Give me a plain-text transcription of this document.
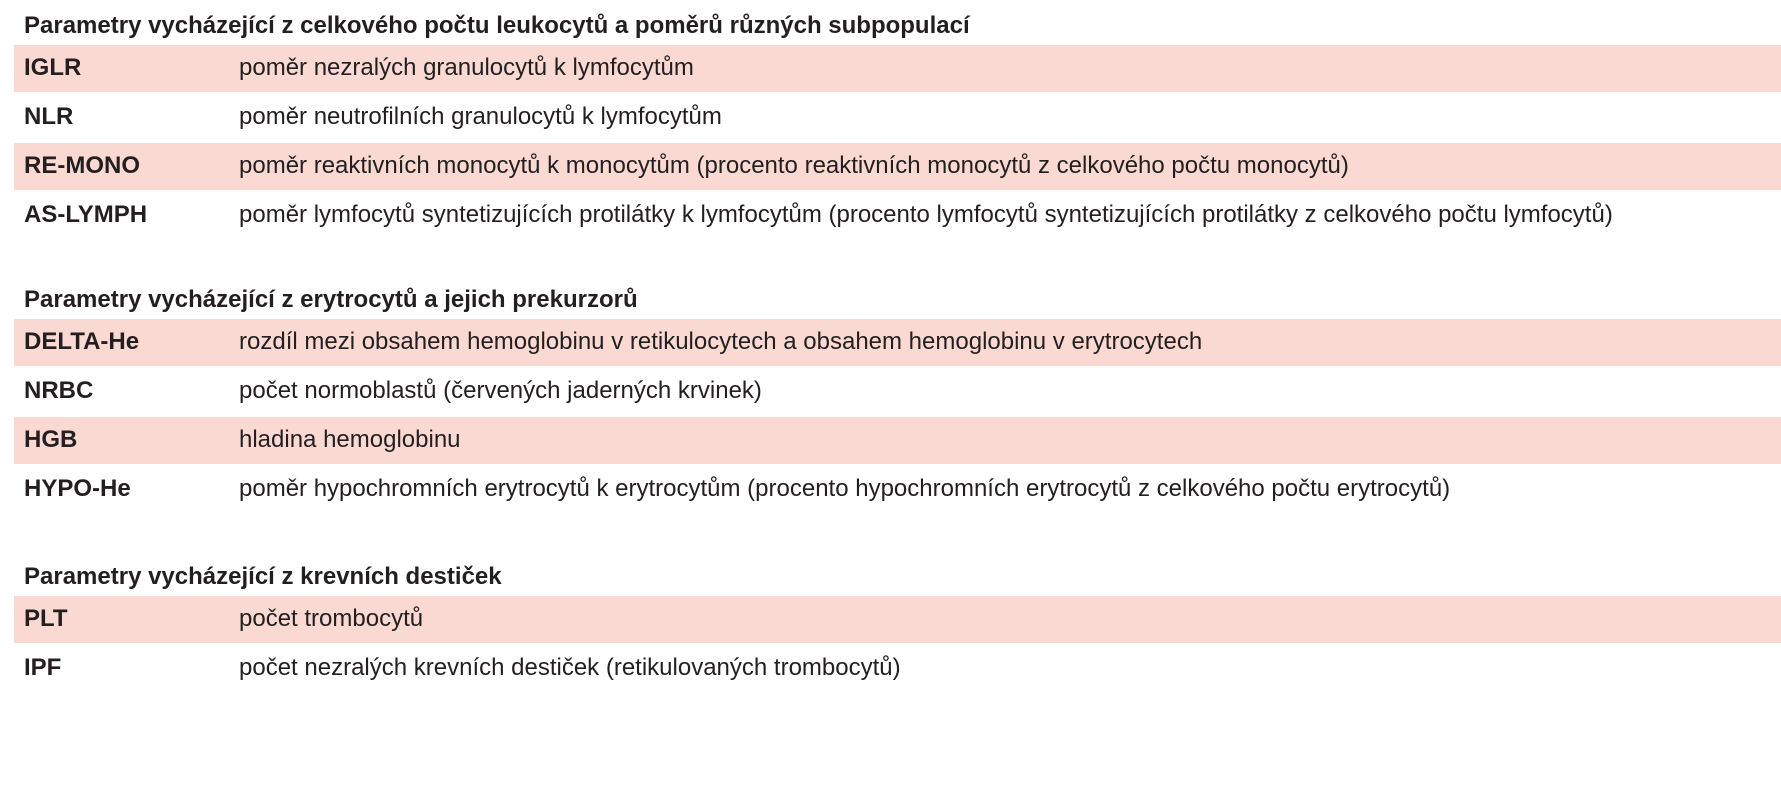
Parametry vycházející z celkového počtu leukocytů a poměrů různých subpopulací
IGLR	poměr nezralých granulocytů k lymfocytům
NLR	poměr neutrofilních granulocytů k lymfocytům
RE-MONO	poměr reaktivních monocytů k monocytům (procento reaktivních monocytů z celkového počtu monocytů)
AS-LYMPH	poměr lymfocytů syntetizujících protilátky k lymfocytům (procento lymfocytů syntetizujících protilátky z celkového počtu lymfocytů)
Parametry vycházející z erytrocytů a jejich prekurzorů
DELTA-He	rozdíl mezi obsahem hemoglobinu v retikulocytech a obsahem hemoglobinu v erytrocytech
NRBC	počet normoblastů (červených jaderných krvinek)
HGB	hladina hemoglobinu
HYPO-He	poměr hypochromních erytrocytů k erytrocytům (procento hypochromních erytrocytů z celkového počtu erytrocytů)
Parametry vycházející z krevních destiček
PLT	počet trombocytů
IPF	počet nezralých krevních destiček (retikulovaných trombocytů)
